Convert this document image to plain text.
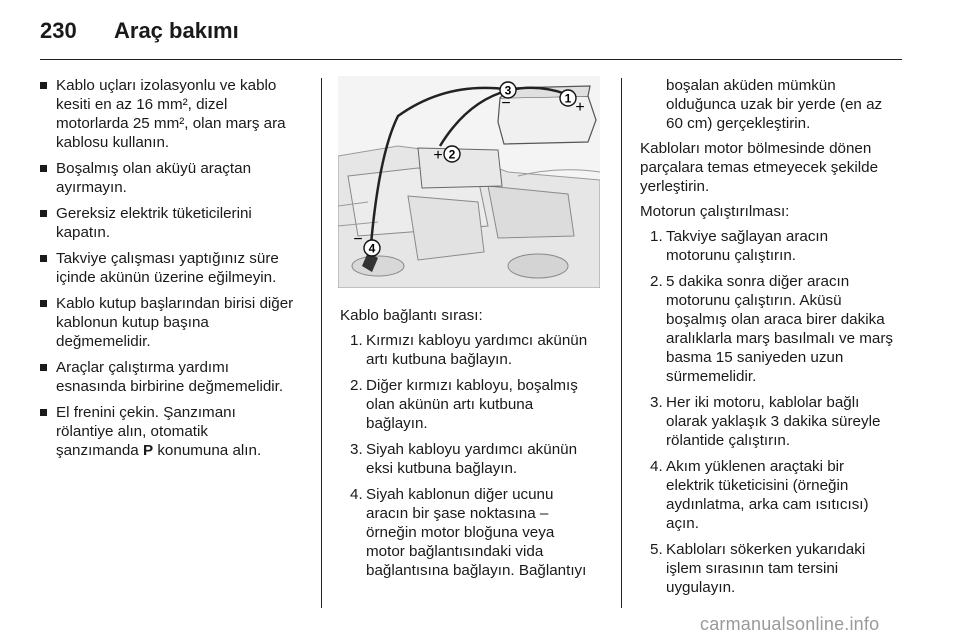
230 Araç bakımı
Kablo uçları izolasyonlu ve kablo
kesiti en az 16 mm², dizel
motorlarda 25 mm², olan marş ara
kablosu kullanın.
Boşalmış olan aküyü araçtan
ayırmayın.
Gereksiz elektrik tüketicilerini
kapatın.
Takviye çalışması yaptığınız süre
içinde akünün üzerine eğilmeyin.
Kablo kutup başlarından birisi diğer
kablonun kutup başına
değmemelidir.
Araçlar çalıştırma yardımı
esnasında birbirine değmemelidir.
El frenini çekin. Şanzımanı
rölantiye alın, otomatik
şanzımanda P konumuna alın.
1
+
2
+
3
−
4
−

Kablo bağlantı sırası:

1. Kırmızı kabloyu yardımcı akünün
artı kutbuna bağlayın.
2. Diğer kırmızı kabloyu, boşalmış
olan akünün artı kutbuna
bağlayın.
3. Siyah kabloyu yardımcı akünün
eksi kutbuna bağlayın.
4. Siyah kablonun diğer ucunu
aracın bir şase noktasına –
örneğin motor bloğuna veya
motor bağlantısındaki vida
bağlantısına bağlayın. Bağlantıyı
boşalan aküden mümkün
olduğunca uzak bir yerde (en az
60 cm) gerçekleştirin.

Kabloları motor bölmesinde dönen
parçalara temas etmeyecek şekilde
yerleştirin.

Motorun çalıştırılması:

1. Takviye sağlayan aracın
motorunu çalıştırın.
2. 5 dakika sonra diğer aracın
motorunu çalıştırın. Aküsü
boşalmış olan araca birer dakika
aralıklarla marş basılmalı ve marş
basma 15 saniyeden uzun
sürmemelidir.
3. Her iki motoru, kablolar bağlı
olarak yaklaşık 3 dakika süreyle
rölantide çalıştırın.
4. Akım yüklenen araçtaki bir
elektrik tüketicisini (örneğin
aydınlatma, arka cam ısıtıcısı)
açın.
5. Kabloları sökerken yukarıdaki
işlem sırasının tam tersini
uygulayın.
carmanualsonline.info
